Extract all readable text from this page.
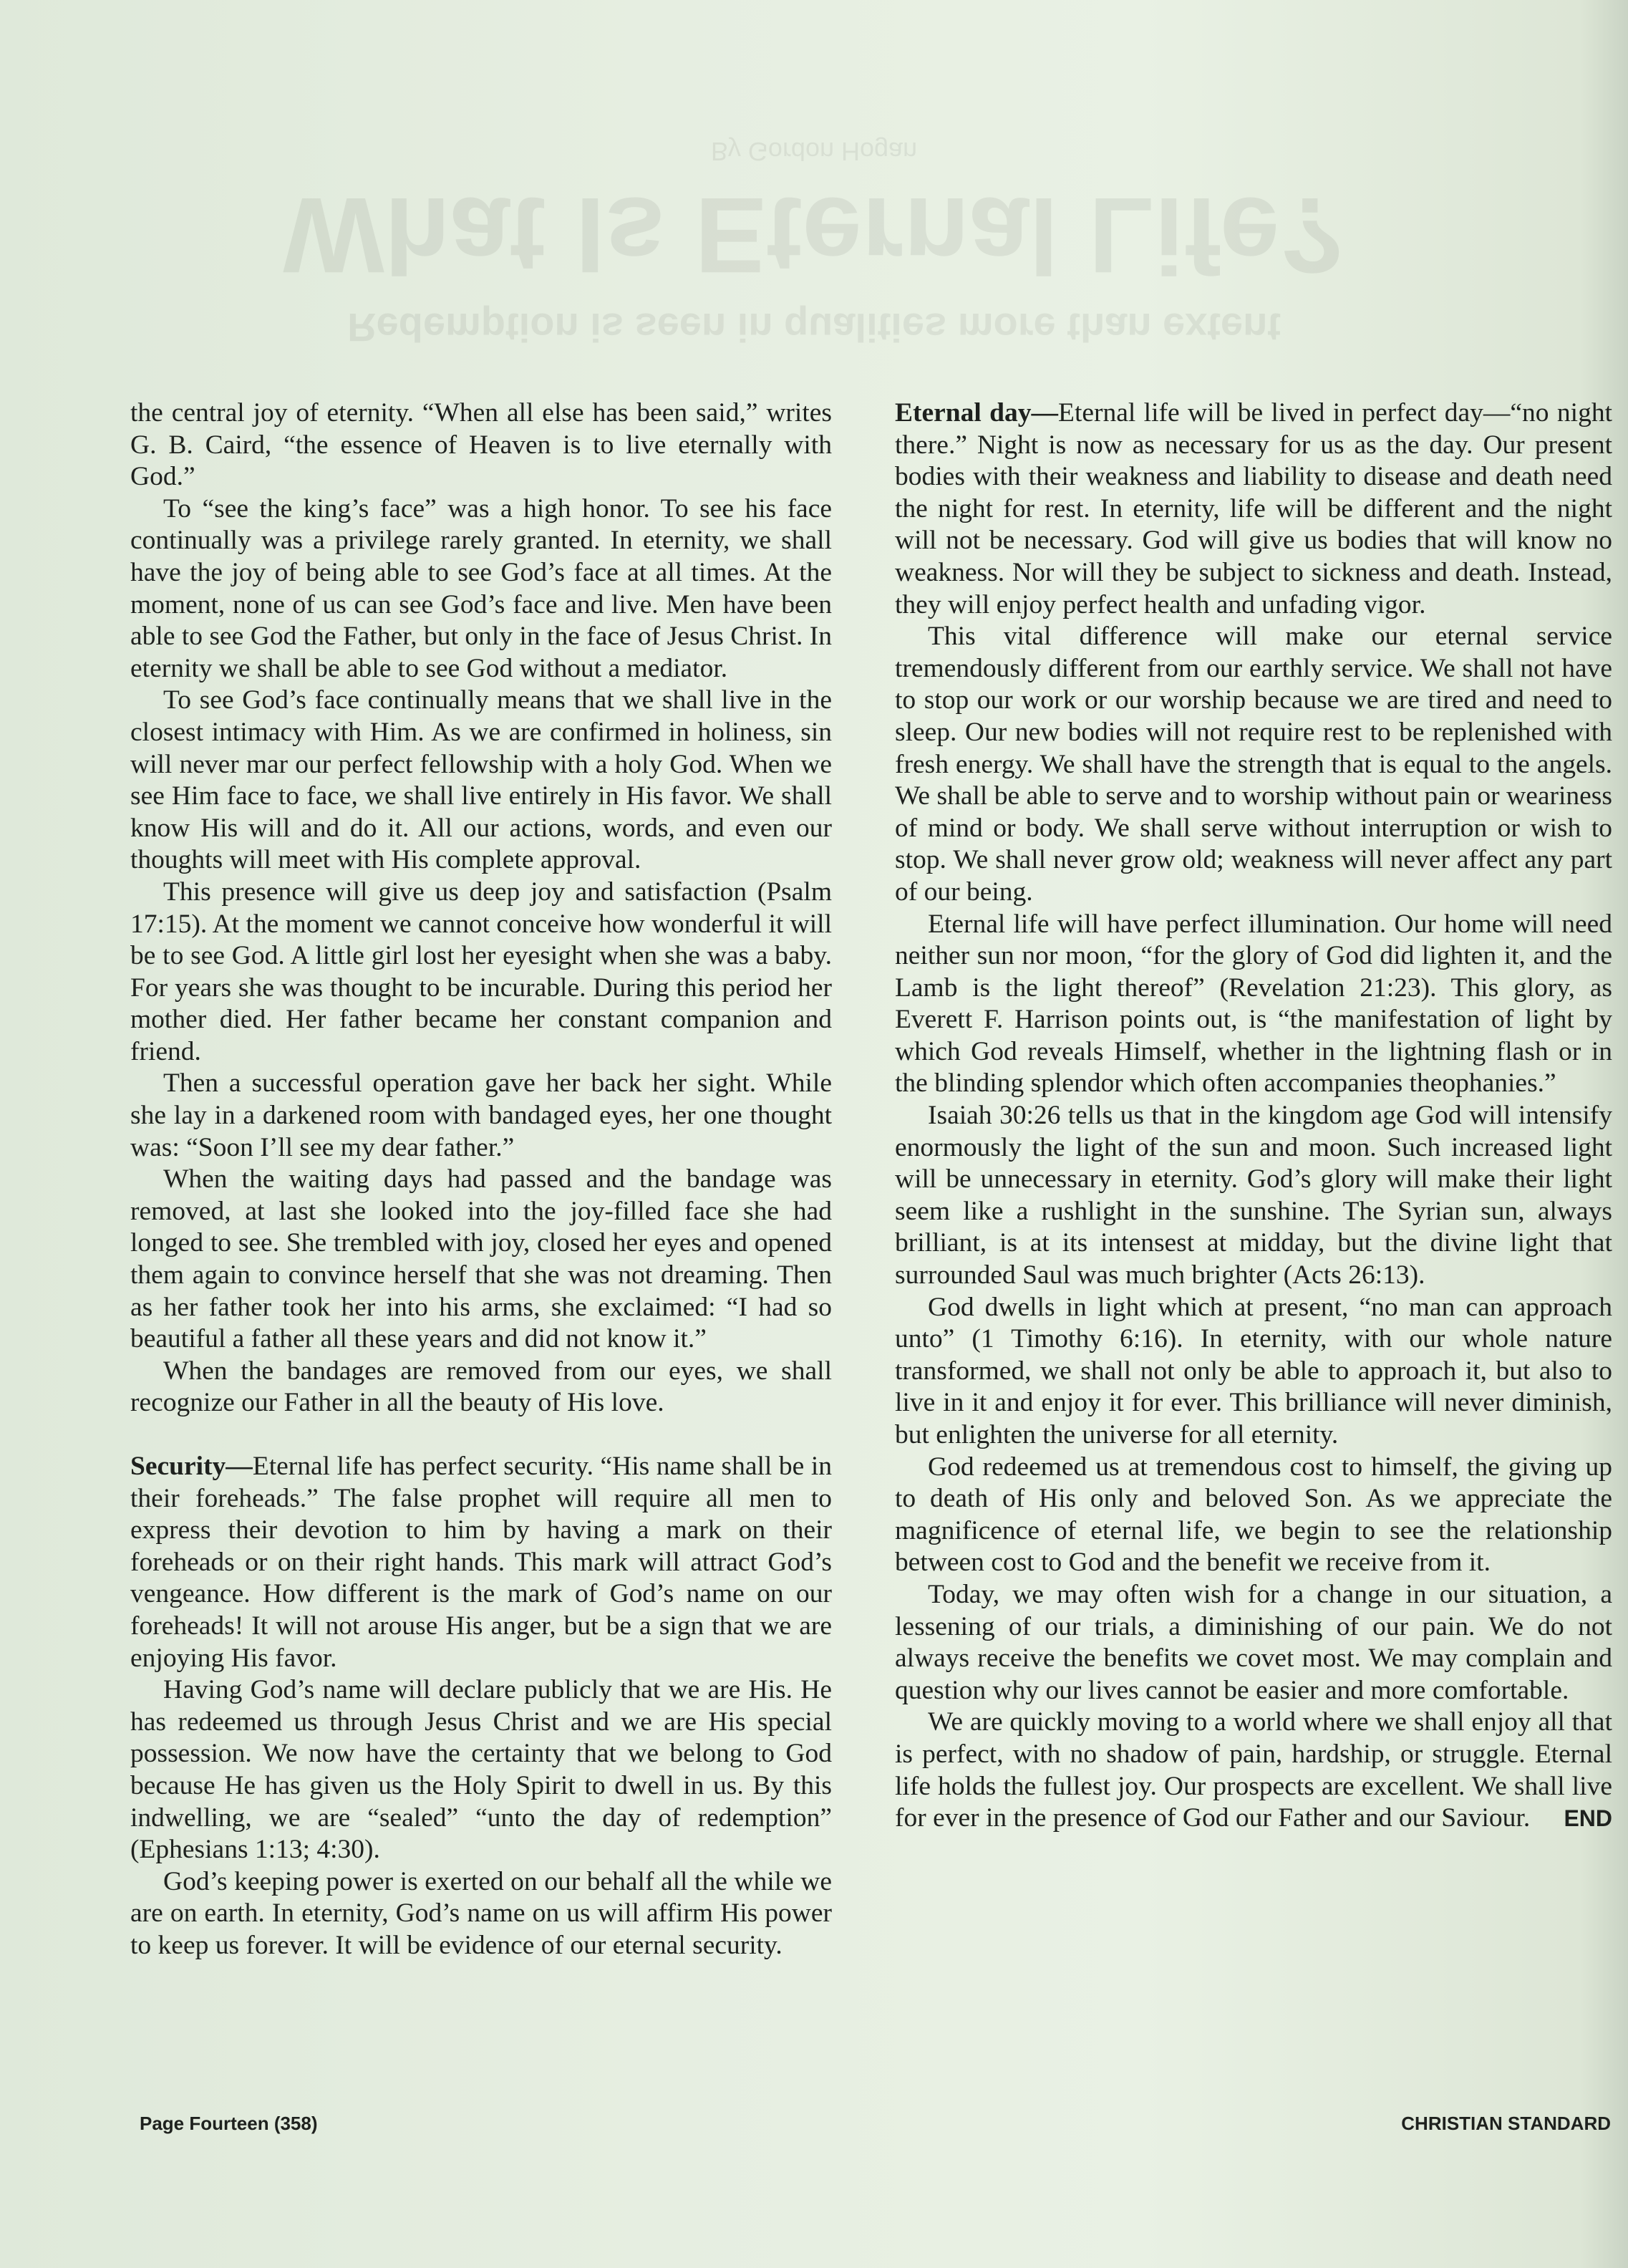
Redemption is seen in qualities more than extent
What Is Eternal Life?
By Gordon Hogan

the central joy of eternity. “When all else has been said,” writes G. B. Caird, “the essence of Heaven is to live eternally with God.”

To “see the king’s face” was a high honor. To see his face continually was a privilege rarely granted. In eternity, we shall have the joy of being able to see God’s face at all times. At the moment, none of us can see God’s face and live. Men have been able to see God the Father, but only in the face of Jesus Christ. In eternity we shall be able to see God without a mediator.

To see God’s face continually means that we shall live in the closest intimacy with Him. As we are confirmed in holiness, sin will never mar our perfect fellowship with a holy God. When we see Him face to face, we shall live entirely in His favor. We shall know His will and do it. All our actions, words, and even our thoughts will meet with His complete approval.

This presence will give us deep joy and satisfaction (Psalm 17:15). At the moment we cannot conceive how wonderful it will be to see God. A little girl lost her eyesight when she was a baby. For years she was thought to be incurable. During this period her mother died. Her father became her constant companion and friend.

Then a successful operation gave her back her sight. While she lay in a darkened room with bandaged eyes, her one thought was: “Soon I’ll see my dear father.”

When the waiting days had passed and the bandage was removed, at last she looked into the joy-filled face she had longed to see. She trembled with joy, closed her eyes and opened them again to convince herself that she was not dreaming. Then as her father took her into his arms, she exclaimed: “I had so beautiful a father all these years and did not know it.”

When the bandages are removed from our eyes, we shall recognize our Father in all the beauty of His love.

Security—Eternal life has perfect security. “His name shall be in their foreheads.” The false prophet will require all men to express their devotion to him by having a mark on their foreheads or on their right hands. This mark will attract God’s vengeance. How different is the mark of God’s name on our foreheads! It will not arouse His anger, but be a sign that we are enjoying His favor.

Having God’s name will declare publicly that we are His. He has redeemed us through Jesus Christ and we are His special possession. We now have the certainty that we belong to God because He has given us the Holy Spirit to dwell in us. By this indwelling, we are “sealed” “unto the day of redemption” (Ephesians 1:13; 4:30).

God’s keeping power is exerted on our behalf all the while we are on earth. In eternity, God’s name on us will affirm His power to keep us forever. It will be evidence of our eternal security.

Eternal day—Eternal life will be lived in perfect day—“no night there.” Night is now as necessary for us as the day. Our present bodies with their weakness and liability to disease and death need the night for rest. In eternity, life will be different and the night will not be necessary. God will give us bodies that will know no weakness. Nor will they be subject to sickness and death. Instead, they will enjoy perfect health and unfading vigor.

This vital difference will make our eternal service tremendously different from our earthly service. We shall not have to stop our work or our worship because we are tired and need to sleep. Our new bodies will not require rest to be replenished with fresh energy. We shall have the strength that is equal to the angels. We shall be able to serve and to worship without pain or weariness of mind or body. We shall serve without interruption or wish to stop. We shall never grow old; weakness will never affect any part of our being.

Eternal life will have perfect illumination. Our home will need neither sun nor moon, “for the glory of God did lighten it, and the Lamb is the light thereof” (Revelation 21:23). This glory, as Everett F. Harrison points out, is “the manifestation of light by which God reveals Himself, whether in the lightning flash or in the blinding splendor which often accompanies theophanies.”

Isaiah 30:26 tells us that in the kingdom age God will intensify enormously the light of the sun and moon. Such increased light will be unnecessary in eternity. God’s glory will make their light seem like a rushlight in the sunshine. The Syrian sun, always brilliant, is at its intensest at midday, but the divine light that surrounded Saul was much brighter (Acts 26:13).

God dwells in light which at present, “no man can approach unto” (1 Timothy 6:16). In eternity, with our whole nature transformed, we shall not only be able to approach it, but also to live in it and enjoy it for ever. This brilliance will never diminish, but enlighten the universe for all eternity.

God redeemed us at tremendous cost to himself, the giving up to death of His only and beloved Son. As we appreciate the magnificence of eternal life, we begin to see the relationship between cost to God and the benefit we receive from it.

Today, we may often wish for a change in our situation, a lessening of our trials, a diminishing of our pain. We do not always receive the benefits we covet most. We may complain and question why our lives cannot be easier and more comfortable.

We are quickly moving to a world where we shall enjoy all that is perfect, with no shadow of pain, hardship, or struggle. Eternal life holds the fullest joy. Our prospects are excellent. We shall live for ever in the presence of God our Father and our Saviour.	END

Page Fourteen (358)	CHRISTIAN STANDARD
